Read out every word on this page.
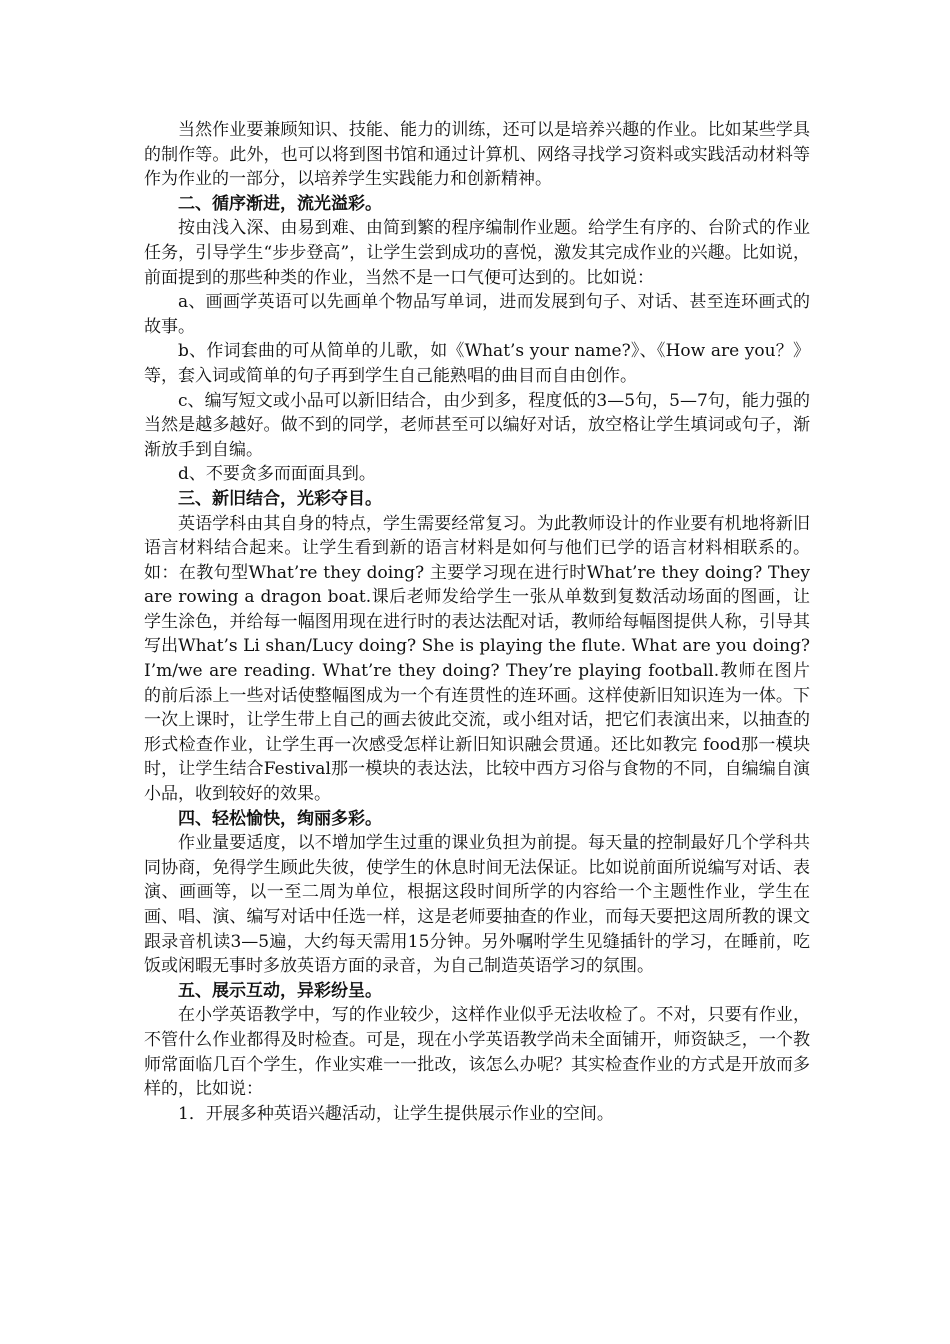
当然作业要兼顾知识、技能、能力的训练，还可以是培养兴趣的作业。比如某些学具的制作等。此外，也可以将到图书馆和通过计算机、网络寻找学习资料或实践活动材料等作为作业的一部分，以培养学生实践能力和创新精神。

二、循序渐进，流光溢彩。

按由浅入深、由易到难、由简到繁的程序编制作业题。给学生有序的、台阶式的作业任务，引导学生“步步登高”，让学生尝到成功的喜悦，激发其完成作业的兴趣。比如说，前面提到的那些种类的作业，当然不是一口气便可达到的。比如说：

a、画画学英语可以先画单个物品写单词，进而发展到句子、对话、甚至连环画式的故事。

b、作词套曲的可从简单的儿歌，如《What’s your name?》、《How are you？》等，套入词或简单的句子再到学生自己能熟唱的曲目而自由创作。

c、编写短文或小品可以新旧结合，由少到多，程度低的3—5句，5—7句，能力强的当然是越多越好。做不到的同学，老师甚至可以编好对话，放空格让学生填词或句子，渐渐放手到自编。

d、不要贪多而面面具到。

三、新旧结合，光彩夺目。

英语学科由其自身的特点，学生需要经常复习。为此教师设计的作业要有机地将新旧语言材料结合起来。让学生看到新的语言材料是如何与他们已学的语言材料相联系的。如：在教句型What’re they doing? 主要学习现在进行时What’re they doing? They are rowing a dragon boat.课后老师发给学生一张从单数到复数活动场面的图画，让学生涂色，并给每一幅图用现在进行时的表达法配对话，教师给每幅图提供人称，引导其写出What’s Li shan/Lucy doing? She is playing the flute. What are you doing? I’m/we are reading. What’re they doing? They’re playing football.教师在图片的前后添上一些对话使整幅图成为一个有连贯性的连环画。这样使新旧知识连为一体。下一次上课时，让学生带上自己的画去彼此交流，或小组对话，把它们表演出来，以抽查的形式检查作业，让学生再一次感受怎样让新旧知识融会贯通。还比如教完 food那一模块时，让学生结合Festival那一模块的表达法，比较中西方习俗与食物的不同，自编编自演小品，收到较好的效果。

四、轻松愉快，绚丽多彩。

作业量要适度，以不增加学生过重的课业负担为前提。每天量的控制最好几个学科共同协商，免得学生顾此失彼，使学生的休息时间无法保证。比如说前面所说编写对话、表演、画画等，以一至二周为单位，根据这段时间所学的内容给一个主题性作业，学生在画、唱、演、编写对话中任选一样，这是老师要抽查的作业，而每天要把这周所教的课文跟录音机读3—5遍，大约每天需用15分钟。另外嘱咐学生见缝插针的学习，在睡前，吃饭或闲暇无事时多放英语方面的录音，为自己制造英语学习的氛围。

五、展示互动，异彩纷呈。

在小学英语教学中，写的作业较少，这样作业似乎无法收检了。不对，只要有作业，不管什么作业都得及时检查。可是，现在小学英语教学尚未全面铺开，师资缺乏，一个教师常面临几百个学生，作业实难一一批改，该怎么办呢？其实检查作业的方式是开放而多样的，比如说：

1．开展多种英语兴趣活动，让学生提供展示作业的空间。
